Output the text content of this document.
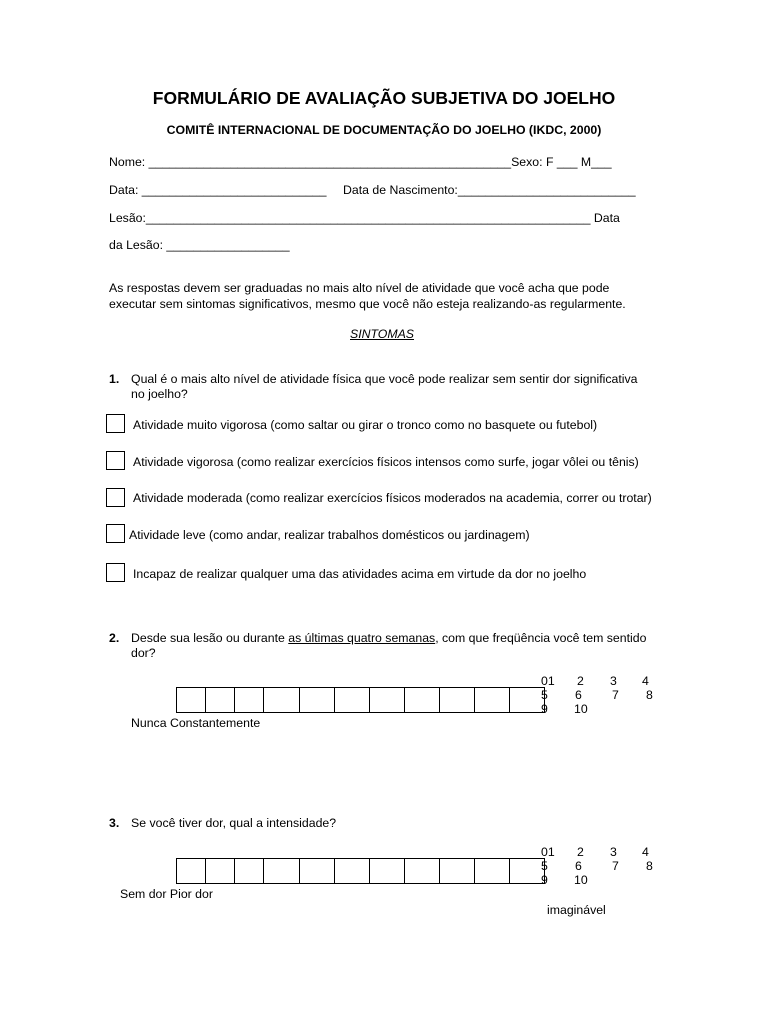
FORMULÁRIO DE AVALIAÇÃO SUBJETIVA DO JOELHO
COMITÊ INTERNACIONAL DE DOCUMENTAÇÃO DO JOELHO (IKDC, 2000)
Nome: _____________________________________________________Sexo: F ___ M___
Data: ___________________________ Data de Nascimento:__________________________
Lesão:_________________________________________________________________ Data
da Lesão: __________________
As respostas devem ser graduadas no mais alto nível de atividade que você acha que pode
executar sem sintomas significativos, mesmo que você não esteja realizando-as regularmente.
SINTOMAS
1. Qual é o mais alto nível de atividade física que você pode realizar sem sentir dor significativa
no joelho?
Atividade muito vigorosa (como saltar ou girar o tronco como no basquete ou futebol)
Atividade vigorosa (como realizar exercícios físicos intensos como surfe, jogar vôlei ou tênis)
Atividade moderada (como realizar exercícios físicos moderados na academia, correr ou trotar)
Atividade leve (como andar, realizar trabalhos domésticos ou jardinagem)
Incapaz de realizar qualquer uma das atividades acima em virtude da dor no joelho
2. Desde sua lesão ou durante as últimas quatro semanas, com que freqüência você tem sentido
dor?
01 2 3 4
5 6 7 8
9 10
Nunca Constantemente
3. Se você tiver dor, qual a intensidade?
01 2 3 4
5 6 7 8
9 10
Sem dor Pior dor
imaginável
